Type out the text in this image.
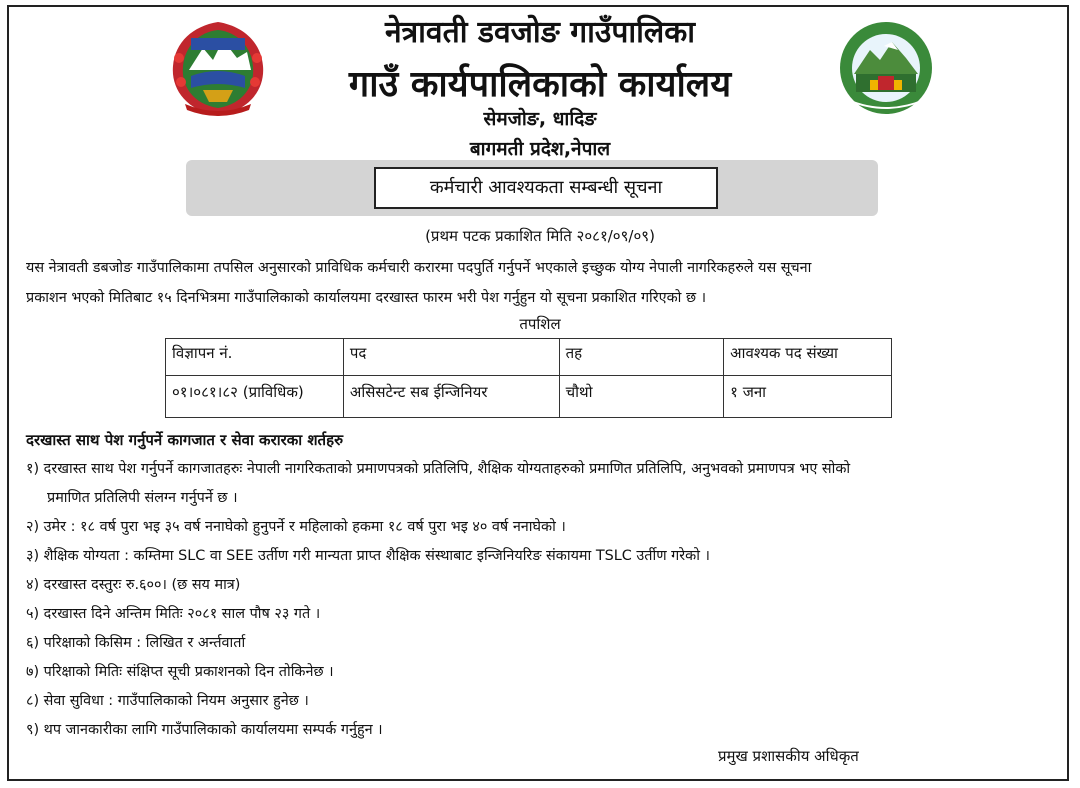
नेत्रावती डवजोङ गाउँपालिका
गाउँ कार्यपालिकाको कार्यालय
सेमजोङ, धादिङ
बागमती प्रदेश,नेपाल
कर्मचारी आवश्यकता सम्बन्धी सूचना
(प्रथम पटक प्रकाशित मिति २०८१/०९/०९)
यस नेत्रावती डबजोङ गाउँपालिकामा तपसिल अनुसारको प्राविधिक कर्मचारी करारमा पदपुर्ति गर्नुपर्ने भएकाले इच्छुक योग्य नेपाली नागरिकहरुले यस सूचना
प्रकाशन भएको मितिबाट १५ दिनभित्रमा गाउँपालिकाको कार्यालयमा दरखास्त फारम भरी पेश गर्नुहुन यो सूचना प्रकाशित गरिएको छ ।
तपशिल
विज्ञापन नं.	पद	तह	आवश्यक पद संख्या
०१।०८१।८२ (प्राविधिक)	असिसटेन्ट सब ईन्जिनियर	चौथो	१ जना
दरखास्त साथ पेश गर्नुपर्ने कागजात र सेवा करारका शर्तहरु
१) दरखास्त साथ पेश गर्नुपर्ने कागजातहरुः नेपाली नागरिकताको प्रमाणपत्रको प्रतिलिपि, शैक्षिक योग्यताहरुको प्रमाणित प्रतिलिपि, अनुभवको प्रमाणपत्र भए सोको
प्रमाणित प्रतिलिपी संलग्न गर्नुपर्ने छ ।
२) उमेर : १८ वर्ष पुरा भइ ३५ वर्ष ननाघेको हुनुपर्ने र महिलाको हकमा १८ वर्ष पुरा भइ ४० वर्ष ननाघेको ।
३) शैक्षिक योग्यता : कम्तिमा SLC वा SEE उर्तीण गरी मान्यता प्राप्त शैक्षिक संस्थाबाट इन्जिनियरिङ संकायमा TSLC उर्तीण गरेको ।
४) दरखास्त दस्तुरः रु.६००। (छ सय मात्र)
५) दरखास्त दिने अन्तिम मितिः २०८१ साल पौष २३ गते ।
६) परिक्षाको किसिम : लिखित र अर्न्तवार्ता
७) परिक्षाको मितिः संक्षिप्त सूची प्रकाशनको दिन तोकिनेछ ।
८) सेवा सुविधा : गाउँपालिकाको नियम अनुसार हुनेछ ।
९) थप जानकारीका लागि गाउँपालिकाको कार्यालयमा सम्पर्क गर्नुहुन ।
प्रमुख प्रशासकीय अधिकृत
